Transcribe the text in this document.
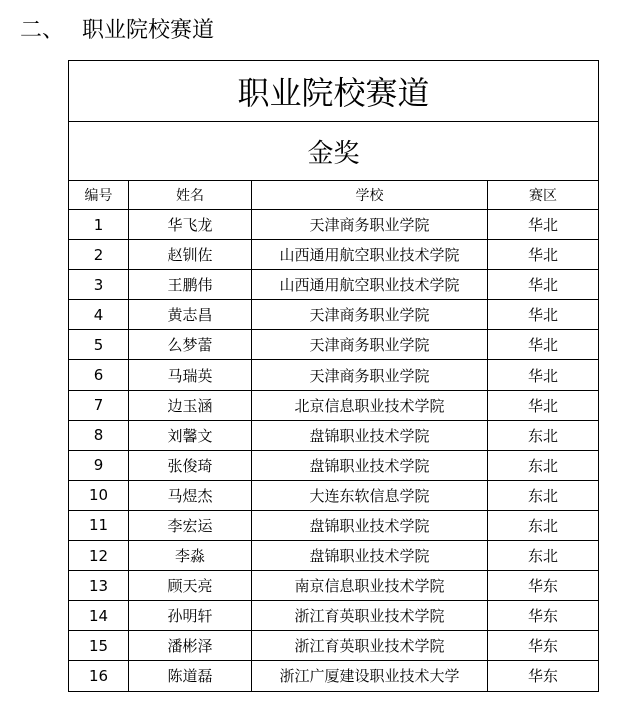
二、 职业院校赛道
职业院校赛道			
金奖			
编号	姓名	学校	赛区
1	华飞龙	天津商务职业学院	华北
2	赵钏佐	山西通用航空职业技术学院	华北
3	王鹏伟	山西通用航空职业技术学院	华北
4	黄志昌	天津商务职业学院	华北
5	么梦蕾	天津商务职业学院	华北
6	马瑞英	天津商务职业学院	华北
7	边玉涵	北京信息职业技术学院	华北
8	刘馨文	盘锦职业技术学院	东北
9	张俊琦	盘锦职业技术学院	东北
10	马煜杰	大连东软信息学院	东北
11	李宏运	盘锦职业技术学院	东北
12	李淼	盘锦职业技术学院	东北
13	顾天亮	南京信息职业技术学院	华东
14	孙明轩	浙江育英职业技术学院	华东
15	潘彬泽	浙江育英职业技术学院	华东
16	陈道磊	浙江广厦建设职业技术大学	华东
